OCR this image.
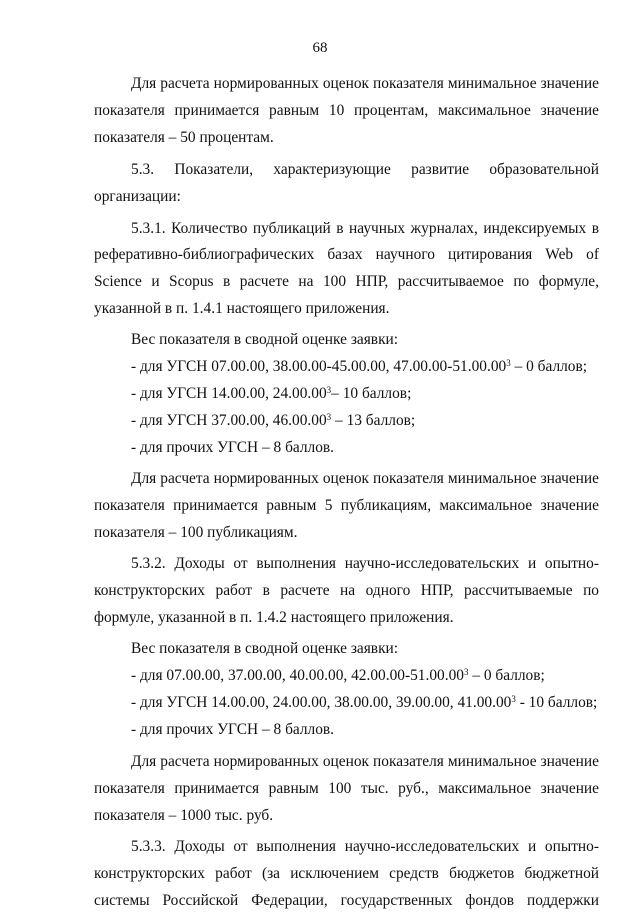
68

Для расчета нормированных оценок показателя минимальное значение показателя принимается равным 10 процентам, максимальное значение показателя – 50 процентам.

5.3. Показатели, характеризующие развитие образовательной организации:

5.3.1. Количество публикаций в научных журналах, индексируемых в реферативно-библиографических базах научного цитирования Web of Science и Scopus в расчете на 100 НПР, рассчитываемое по формуле, указанной в п. 1.4.1 настоящего приложения.

Вес показателя в сводной оценке заявки:

- для УГСН 07.00.00, 38.00.00-45.00.00, 47.00.00-51.00.00$^3$ – 0 баллов;

- для УГСН 14.00.00, 24.00.00$^3$– 10 баллов;

- для УГСН 37.00.00, 46.00.00$^3$ – 13 баллов;

- для прочих УГСН – 8 баллов.

Для расчета нормированных оценок показателя минимальное значение показателя принимается равным 5 публикациям, максимальное значение показателя – 100 публикациям.

5.3.2. Доходы от выполнения научно-исследовательских и опытно-конструкторских работ в расчете на одного НПР, рассчитываемые по формуле, указанной в п. 1.4.2 настоящего приложения.

Вес показателя в сводной оценке заявки:

- для 07.00.00, 37.00.00, 40.00.00, 42.00.00-51.00.00$^3$ – 0 баллов;

- для УГСН 14.00.00, 24.00.00, 38.00.00, 39.00.00, 41.00.00$^3$ - 10 баллов;

- для прочих УГСН – 8 баллов.

Для расчета нормированных оценок показателя минимальное значение показателя принимается равным 100 тыс. руб., максимальное значение показателя – 1000 тыс. руб.

5.3.3. Доходы от выполнения научно-исследовательских и опытно-конструкторских работ (за исключением средств бюджетов бюджетной системы Российской Федерации, государственных фондов поддержки
